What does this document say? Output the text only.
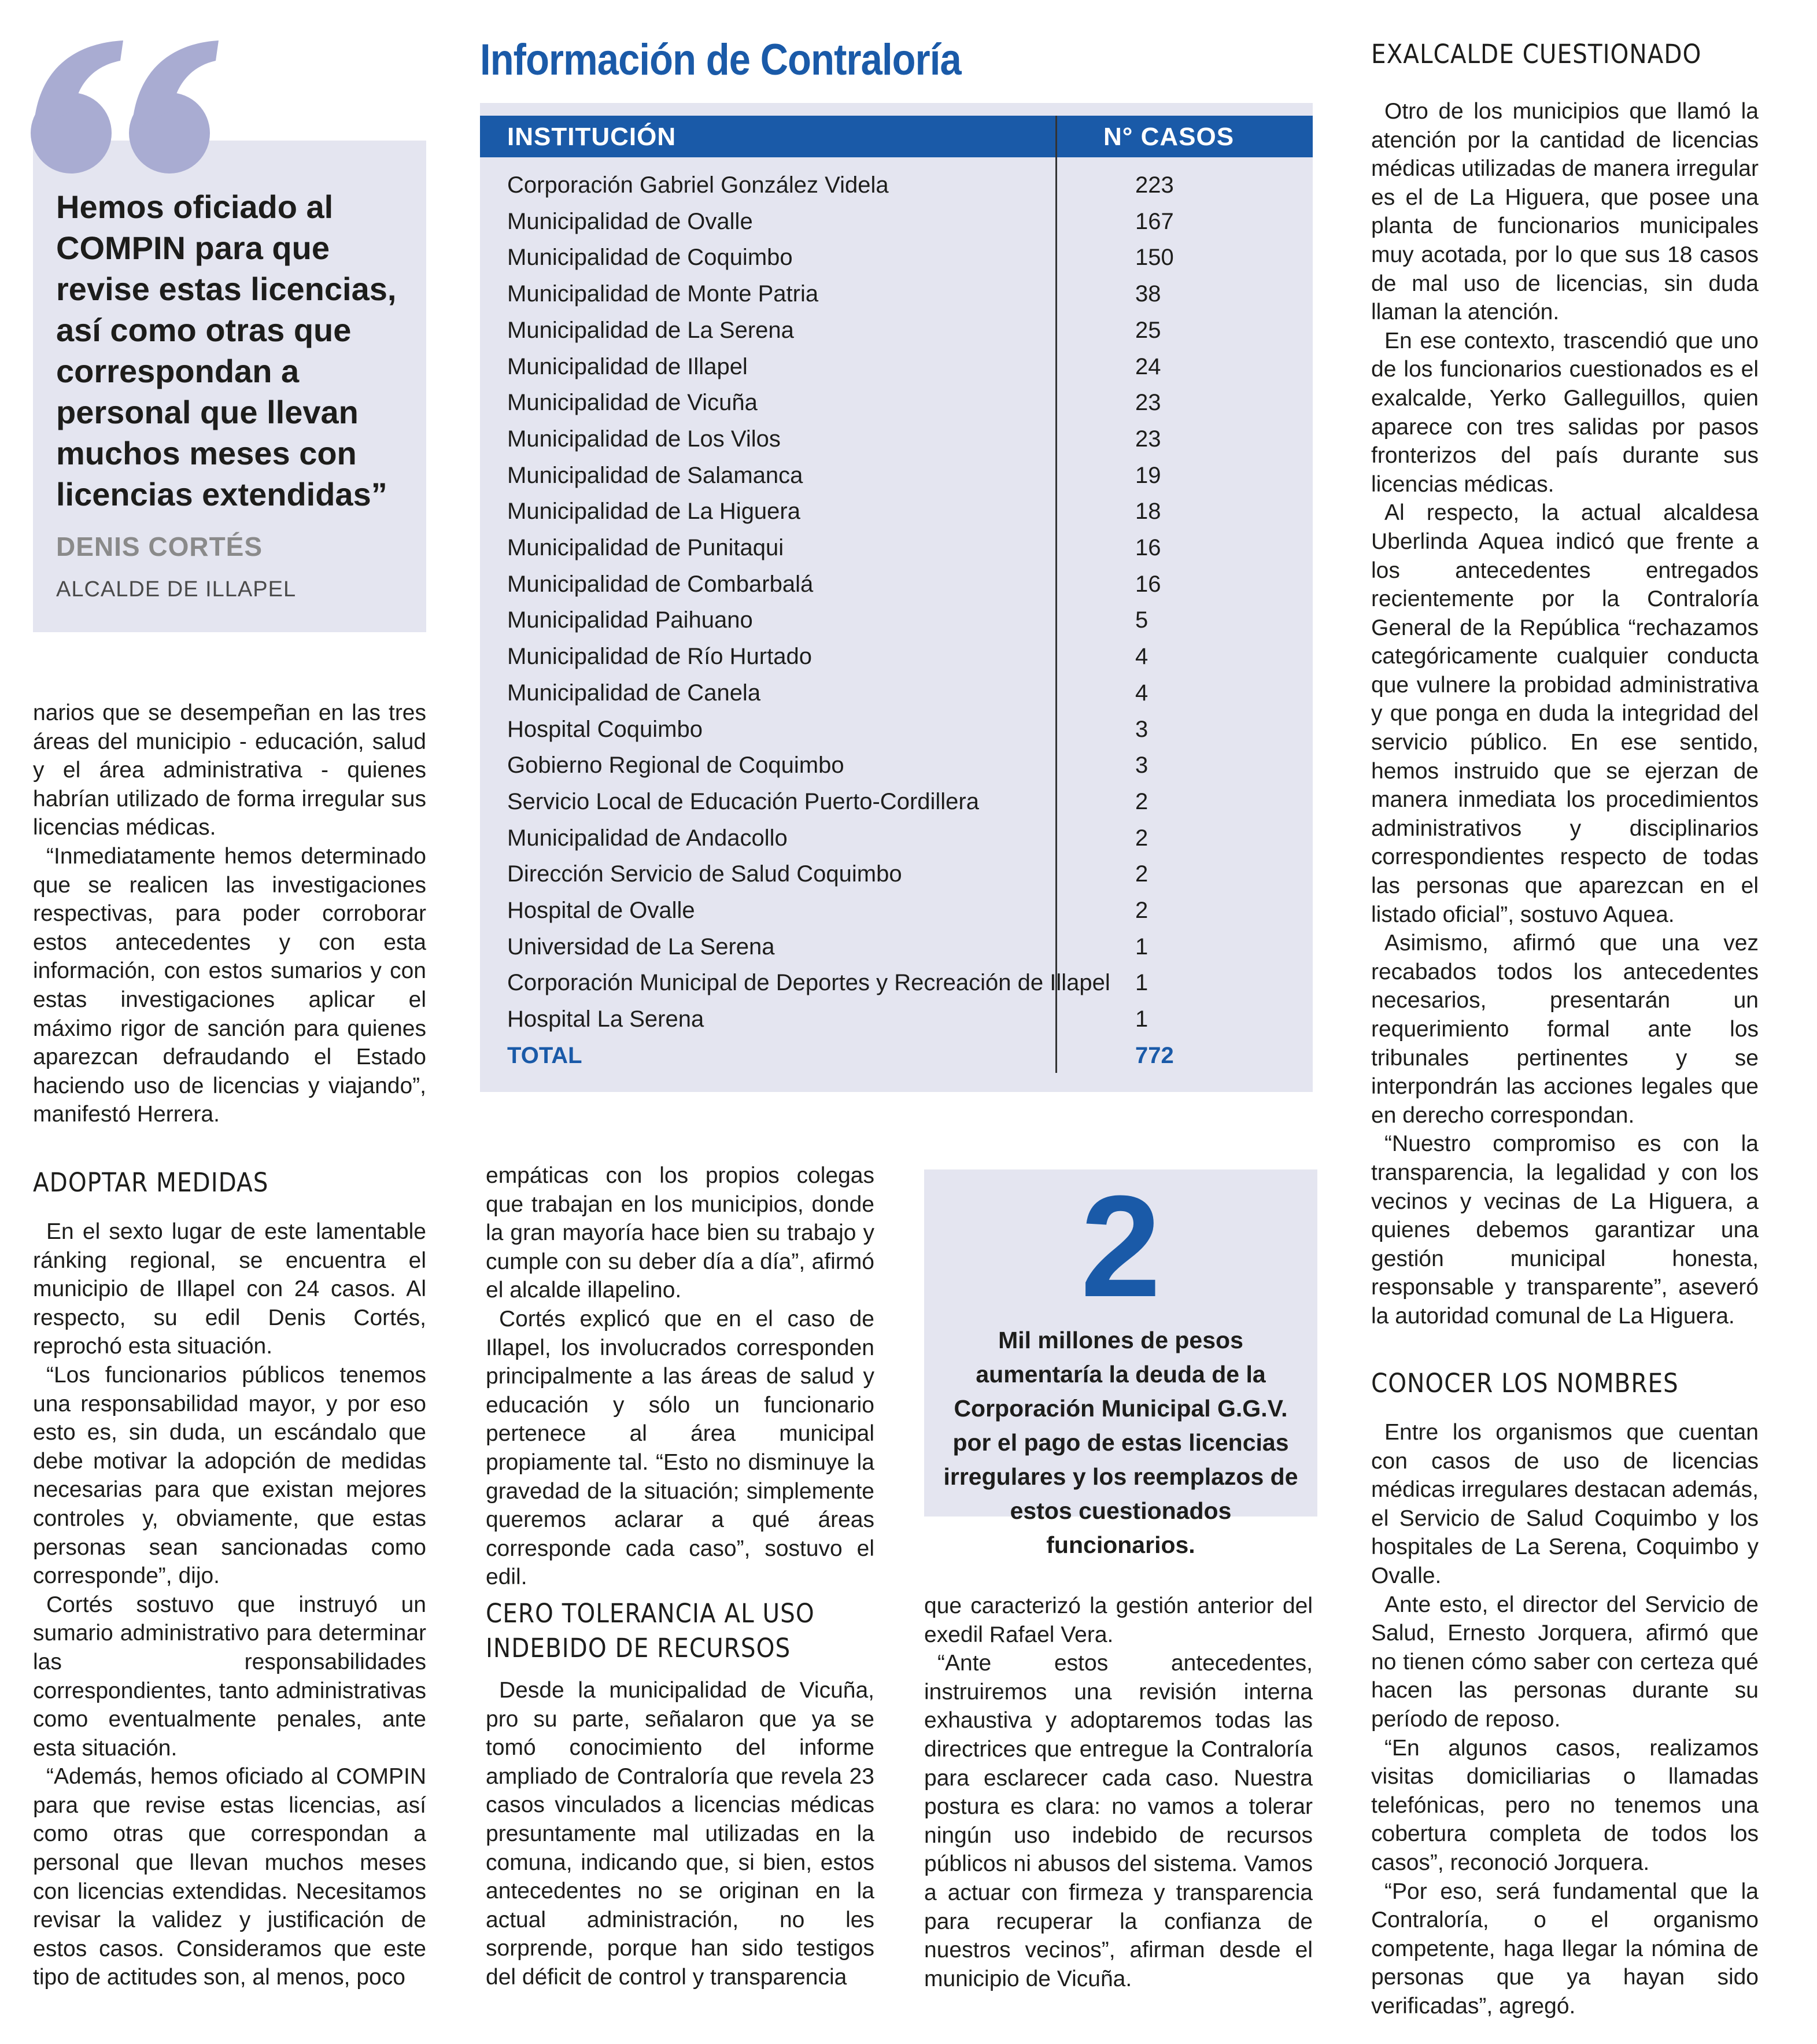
Hemos oficiado al COMPIN para que revise estas licencias, así como otras que correspondan a personal que llevan muchos meses con licencias extendidas”
DENIS CORTÉS
ALCALDE DE ILLAPEL

narios que se desempeñan en las tres áreas del municipio - educación, salud y el área administrativa - quienes habrían utilizado de forma irregular sus licencias médicas.

“Inmediatamente hemos determinado que se realicen las investigaciones respectivas, para poder corroborar estos antecedentes y con esta información, con estos sumarios y con estas investigaciones aplicar el máximo rigor de sanción para quienes aparezcan defraudando el Estado haciendo uso de licencias y viajando”, manifestó Herrera.

ADOPTAR MEDIDAS

En el sexto lugar de este lamentable ránking regional, se encuentra el municipio de Illapel con 24 casos. Al respecto, su edil Denis Cortés, reprochó esta situación.

“Los funcionarios públicos tenemos una responsabilidad mayor, y por eso esto es, sin duda, un escándalo que debe motivar la adopción de medidas necesarias para que existan mejores controles y, obviamente, que estas personas sean sancionadas como corresponde”, dijo.

Cortés sostuvo que instruyó un sumario administrativo para determinar las responsabilidades correspondientes, tanto administrativas como eventualmente penales, ante esta situación.

“Además, hemos oficiado al COMPIN para que revise estas licencias, así como otras que correspondan a personal que llevan muchos meses con licencias extendidas. Necesitamos revisar la validez y justificación de estos casos. Consideramos que este tipo de actitudes son, al menos, poco

Información de Contraloría
INSTITUCIÓN	N° CASOS
Corporación Gabriel González Videla	223
Municipalidad de Ovalle	167
Municipalidad de Coquimbo	150
Municipalidad de Monte Patria	38
Municipalidad de La Serena	25
Municipalidad de Illapel	24
Municipalidad de Vicuña	23
Municipalidad de Los Vilos	23
Municipalidad de Salamanca	19
Municipalidad de La Higuera	18
Municipalidad de Punitaqui	16
Municipalidad de Combarbalá	16
Municipalidad Paihuano	5
Municipalidad de Río Hurtado	4
Municipalidad de Canela	4
Hospital Coquimbo	3
Gobierno Regional de Coquimbo	3
Servicio Local de Educación Puerto-Cordillera	2
Municipalidad de Andacollo	2
Dirección Servicio de Salud Coquimbo	2
Hospital de Ovalle	2
Universidad de La Serena	1
Corporación Municipal de Deportes y Recreación de Illapel 1
Hospital La Serena	1
TOTAL	772

empáticas con los propios colegas que trabajan en los municipios, donde la gran mayoría hace bien su trabajo y cumple con su deber día a día”, afirmó el alcalde illapelino.

Cortés explicó que en el caso de Illapel, los involucrados corresponden principalmente a las áreas de salud y educación y sólo un funcionario pertenece al área municipal propiamente tal. “Esto no disminuye la gravedad de la situación; simplemente queremos aclarar a qué áreas corresponde cada caso”, sostuvo el edil.

CERO TOLERANCIA AL USO INDEBIDO DE RECURSOS

Desde la municipalidad de Vicuña, pro su parte, señalaron que ya se tomó conocimiento del informe ampliado de Contraloría que revela 23 casos vinculados a licencias médicas presuntamente mal utilizadas en la comuna, indicando que, si bien, estos antecedentes no se originan en la actual administración, no les sorprende, porque han sido testigos del déficit de control y transparencia

2
Mil millones de pesos aumentaría la deuda de la Corporación Municipal G.G.V. por el pago de estas licencias irregulares y los reemplazos de estos cuestionados funcionarios.

que caracterizó la gestión anterior del exedil Rafael Vera.

“Ante estos antecedentes, instruiremos una revisión interna exhaustiva y adoptaremos todas las directrices que entregue la Contraloría para esclarecer cada caso. Nuestra postura es clara: no vamos a tolerar ningún uso indebido de recursos públicos ni abusos del sistema. Vamos a actuar con firmeza y transparencia para recuperar la confianza de nuestros vecinos”, afirman desde el municipio de Vicuña.

EXALCALDE CUESTIONADO

Otro de los municipios que llamó la atención por la cantidad de licencias médicas utilizadas de manera irregular es el de La Higuera, que posee una planta de funcionarios municipales muy acotada, por lo que sus 18 casos de mal uso de licencias, sin duda llaman la atención.

En ese contexto, trascendió que uno de los funcionarios cuestionados es el exalcalde, Yerko Galleguillos, quien aparece con tres salidas por pasos fronterizos del país durante sus licencias médicas.

Al respecto, la actual alcaldesa Uberlinda Aquea indicó que frente a los antecedentes entregados recientemente por la Contraloría General de la República “rechazamos categóricamente cualquier conducta que vulnere la probidad administrativa y que ponga en duda la integridad del servicio público. En ese sentido, hemos instruido que se ejerzan de manera inmediata los procedimientos administrativos y disciplinarios correspondientes respecto de todas las personas que aparezcan en el listado oficial”, sostuvo Aquea.

Asimismo, afirmó que una vez recabados todos los antecedentes necesarios, presentarán un requerimiento formal ante los tribunales pertinentes y se interpondrán las acciones legales que en derecho correspondan.

“Nuestro compromiso es con la transparencia, la legalidad y con los vecinos y vecinas de La Higuera, a quienes debemos garantizar una gestión municipal honesta, responsable y transparente”, aseveró la autoridad comunal de La Higuera.

CONOCER LOS NOMBRES

Entre los organismos que cuentan con casos de uso de licencias médicas irregulares destacan además, el Servicio de Salud Coquimbo y los hospitales de La Serena, Coquimbo y Ovalle.

Ante esto, el director del Servicio de Salud, Ernesto Jorquera, afirmó que no tienen cómo saber con certeza qué hacen las personas durante su período de reposo.

“En algunos casos, realizamos visitas domiciliarias o llamadas telefónicas, pero no tenemos una cobertura completa de todos los casos”, reconoció Jorquera.

“Por eso, será fundamental que la Contraloría, o el organismo competente, haga llegar la nómina de personas que ya hayan sido verificadas”, agregó.
